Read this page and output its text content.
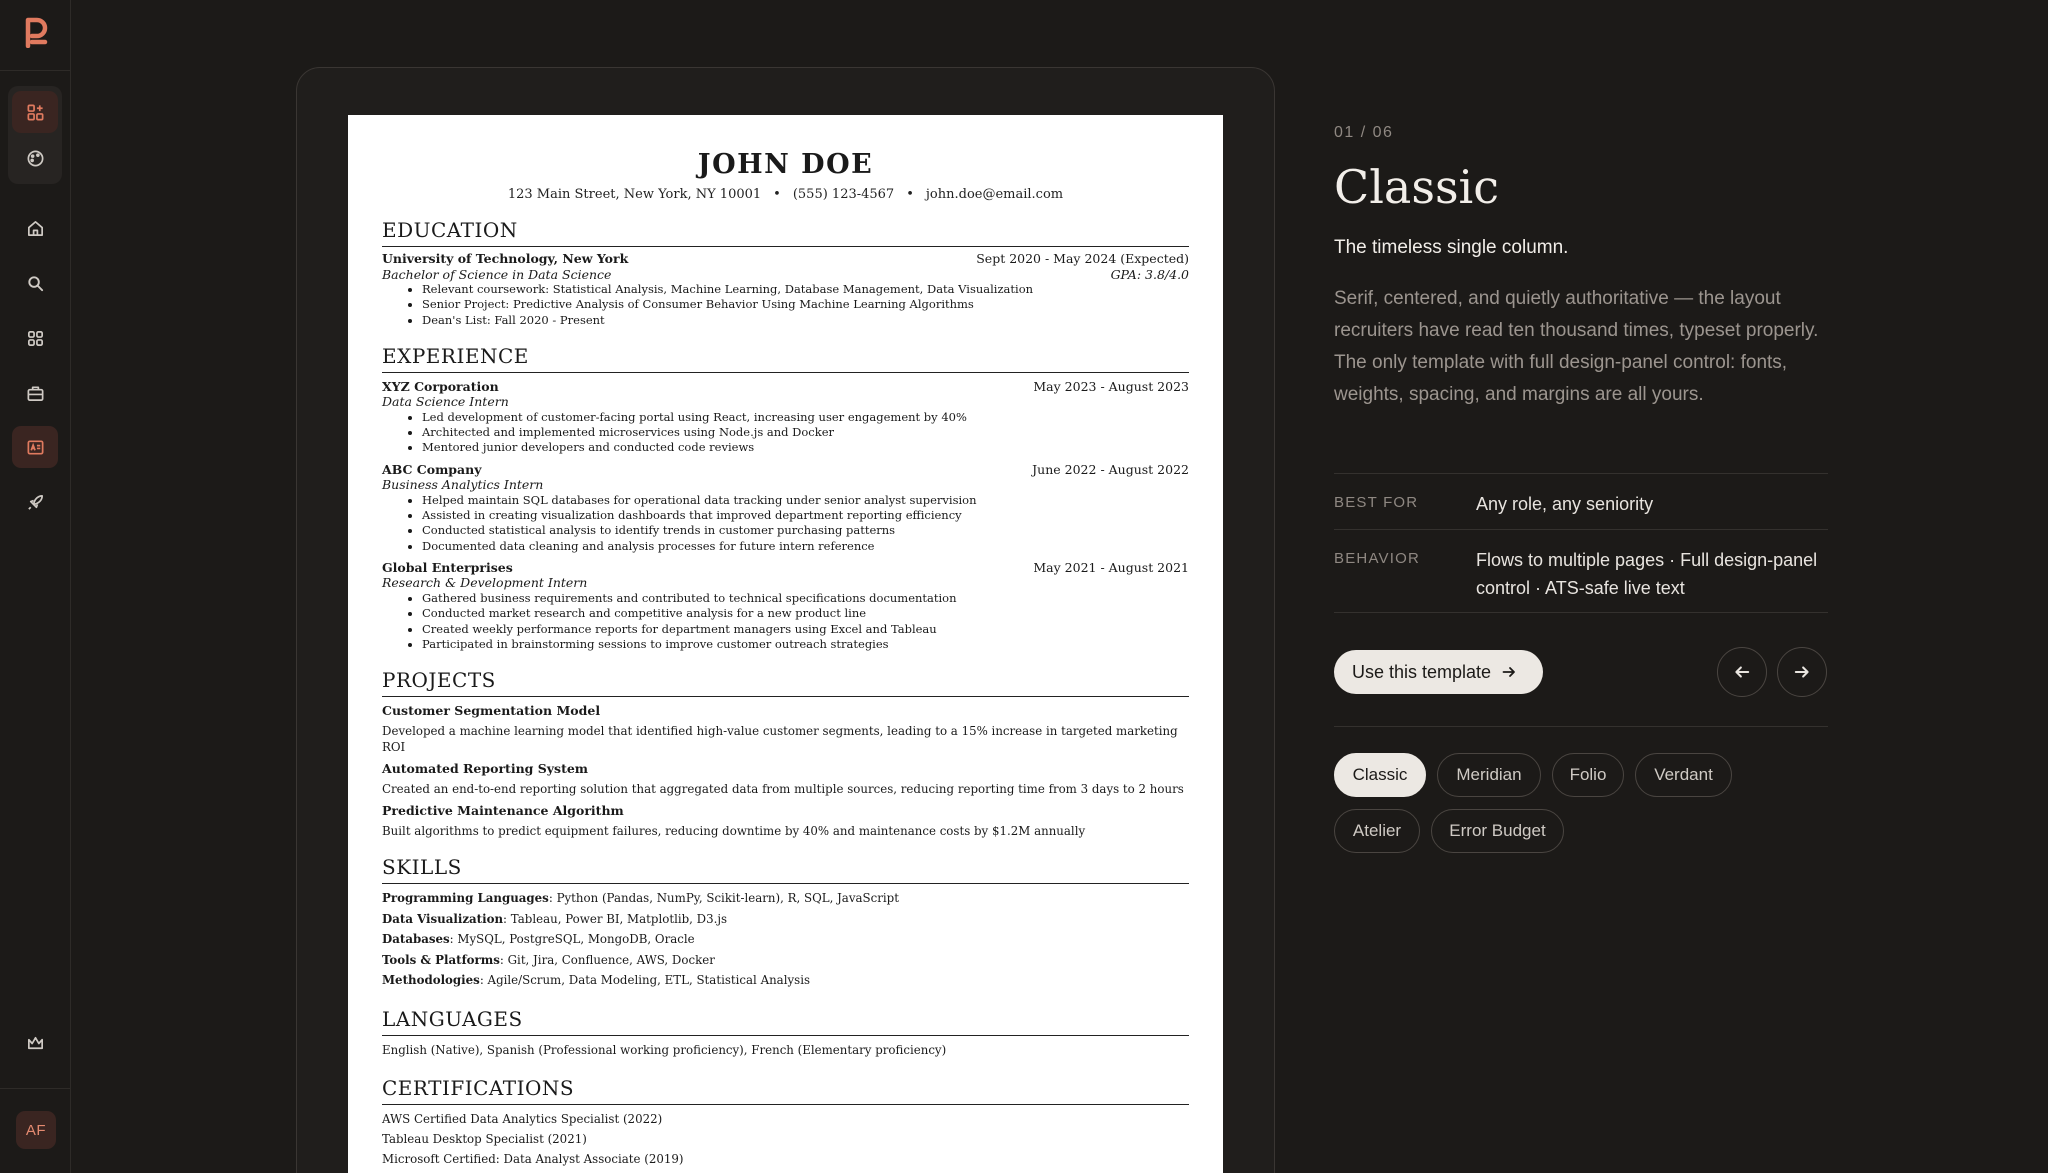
AF
JOHN DOE
123 Main Street, New York, NY 10001 • (555) 123-4567 • john.doe@email.com
EDUCATION
University of Technology, New York	Sept 2020 - May 2024 (Expected)
Bachelor of Science in Data Science	GPA: 3.8/4.0
• Relevant coursework: Statistical Analysis, Machine Learning, Database Management, Data Visualization
• Senior Project: Predictive Analysis of Consumer Behavior Using Machine Learning Algorithms
• Dean's List: Fall 2020 - Present
EXPERIENCE
XYZ Corporation	May 2023 - August 2023
Data Science Intern
• Led development of customer-facing portal using React, increasing user engagement by 40%
• Architected and implemented microservices using Node.js and Docker
• Mentored junior developers and conducted code reviews
ABC Company	June 2022 - August 2022
Business Analytics Intern
• Helped maintain SQL databases for operational data tracking under senior analyst supervision
• Assisted in creating visualization dashboards that improved department reporting efficiency
• Conducted statistical analysis to identify trends in customer purchasing patterns
• Documented data cleaning and analysis processes for future intern reference
Global Enterprises	May 2021 - August 2021
Research & Development Intern
• Gathered business requirements and contributed to technical specifications documentation
• Conducted market research and competitive analysis for a new product line
• Created weekly performance reports for department managers using Excel and Tableau
• Participated in brainstorming sessions to improve customer outreach strategies
PROJECTS
Customer Segmentation Model
Developed a machine learning model that identified high-value customer segments, leading to a 15% increase in targeted marketing ROI
Automated Reporting System
Created an end-to-end reporting solution that aggregated data from multiple sources, reducing reporting time from 3 days to 2 hours
Predictive Maintenance Algorithm
Built algorithms to predict equipment failures, reducing downtime by 40% and maintenance costs by $1.2M annually
SKILLS
Programming Languages: Python (Pandas, NumPy, Scikit-learn), R, SQL, JavaScript
Data Visualization: Tableau, Power BI, Matplotlib, D3.js
Databases: MySQL, PostgreSQL, MongoDB, Oracle
Tools & Platforms: Git, Jira, Confluence, AWS, Docker
Methodologies: Agile/Scrum, Data Modeling, ETL, Statistical Analysis
LANGUAGES
English (Native), Spanish (Professional working proficiency), French (Elementary proficiency)
CERTIFICATIONS
AWS Certified Data Analytics Specialist (2022)
Tableau Desktop Specialist (2021)
Microsoft Certified: Data Analyst Associate (2019)
01 / 06
Classic
The timeless single column.
Serif, centered, and quietly authoritative — the layout recruiters have read ten thousand times, typeset properly. The only template with full design-panel control: fonts, weights, spacing, and margins are all yours.
BEST FOR	Any role, any seniority
BEHAVIOR	Flows to multiple pages · Full design-panel control · ATS-safe live text
Use this template
Classic	Meridian	Folio	Verdant
Atelier	Error Budget
